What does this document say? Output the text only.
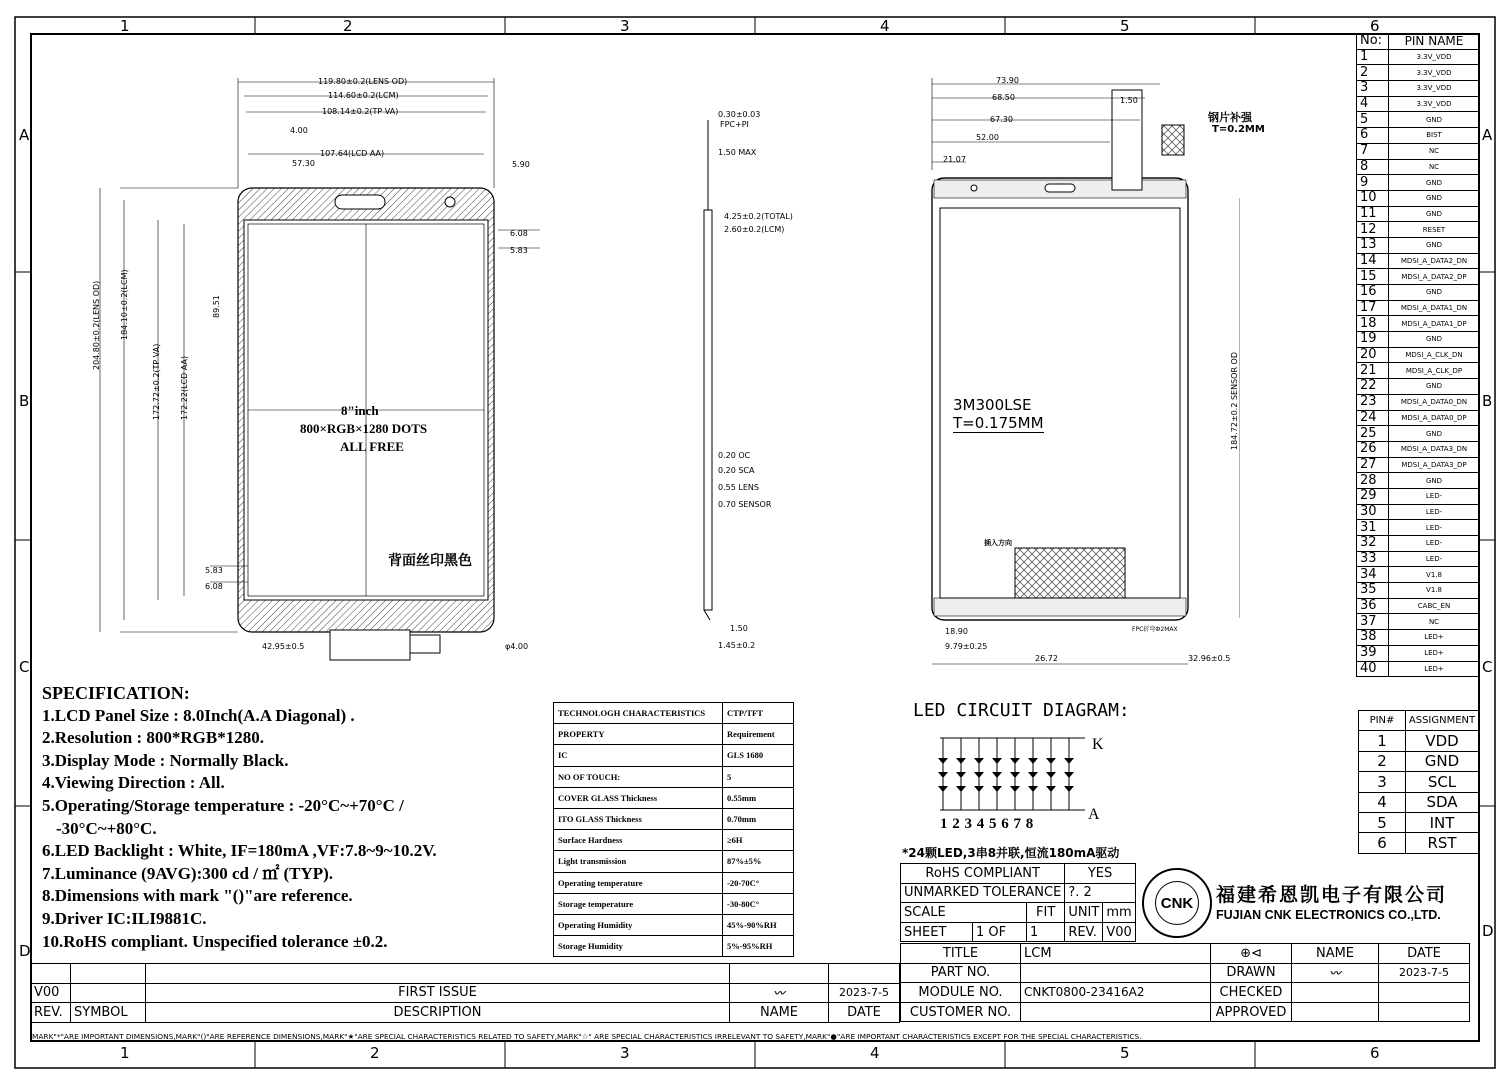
1	2	3	4	5	6
1	2	3	4	5	6
A
B
C
D
A
B
C
D
119.80±0.2(LENS OD)
114.60±0.2(LCM)
108.14±0.2(TP VA)
107.64(LCD AA)
57.30
4.00
5.90
6.08
5.83
5.83
6.08
42.95±0.5	φ4.00
204.80±0.2(LENS OD) 184.10±0.2(LCM)
172.72±0.2(TP VA) 172.22(LCD AA)
89.51
8"inch
800×RGB×1280 DOTS
ALL FREE
背面丝印黑色
0.30±0.03
FPC+PI
1.50 MAX
4.25±0.2(TOTAL)
2.60±0.2(LCM)
0.20 OC
0.20 SCA
0.55 LENS
0.70 SENSOR
1.50
1.45±0.2
73.90
68.50
67.30
52.00
21.07
1.50
钢片补强
T=0.2MM
3M300LSE
T=0.175MM
插入方向
FPC折弯Ф2MAX
18.90
9.79±0.25
26.72	32.96±0.5
184.72±0.2 SENSOR OD
SPECIFICATION:
1.LCD Panel Size : 8.0Inch(A.A Diagonal) .
2.Resolution : 800*RGB*1280.
3.Display Mode : Normally Black.
4.Viewing Direction : All.
5.Operating/Storage temperature : -20°C~+70°C /
-30°C~+80°C.
6.LED Backlight : White, IF=180mA ,VF:7.8~9~10.2V.
7.Luminance (9AVG):300 cd / ㎡ (TYP).
8.Dimensions with mark "()"are reference.
9.Driver IC:ILI9881C.
10.RoHS compliant. Unspecified tolerance ±0.2.
TECHNOLOGH CHARACTERISTICS	CTP/TFT
PROPERTY	Requirement
IC	GLS 1680
NO OF TOUCH:	5
COVER GLASS Thickness	0.55mm
ITO GLASS Thickness	0.70mm
Surface Hardness	≥6H
Light transmission	87%±5%
Operating temperature	-20-70C°
Storage temperature	-30-80C°
Operating Humidity	45%-90%RH
Storage Humidity	5%-95%RH
LED CIRCUIT DIAGRAM:
K
A
1 2 3 4 5 6 7 8
*24颗LED,3串8并联,恒流180mA驱动
No:	PIN NAME
1	3.3V_VDD
2	3.3V_VDD
3	3.3V_VDD
4	3.3V_VDD
5	GND
6	BIST
7	NC
8	NC
9	GND
10	GND
11	GND
12	RESET
13	GND
14	MDSI_A_DATA2_DN
15	MDSI_A_DATA2_DP
16	GND
17	MDSI_A_DATA1_DN
18	MDSI_A_DATA1_DP
19	GND
20	MDSI_A_CLK_DN
21	MDSI_A_CLK_DP
22	GND
23	MDSI_A_DATA0_DN
24	MDSI_A_DATA0_DP
25	GND
26	MDSI_A_DATA3_DN
27	MDSI_A_DATA3_DP
28	GND
29	LED-
30	LED-
31	LED-
32	LED-
33	LED-
34	V1.8
35	V1.8
36	CABC_EN
37	NC
38	LED+
39	LED+
40	LED+
PIN#	ASSIGNMENT
1	VDD
2	GND
3	SCL
4	SDA
5	INT
6	RST
RoHS COMPLIANT			YES	
UNMARKED TOLERANCE			?. 2	
SCALE		FIT	UNIT	mm
SHEET	1 OF	1	REV.	V00
CNK	福建希恩凯电子有限公司
FUJIAN CNK ELECTRONICS CO.,LTD.
TITLE	LCM	⊕⊲	NAME	DATE
PART NO.		DRAWN	〰	2023-7-5
MODULE NO.	CNKT0800-23416A2	CHECKED		
CUSTOMER NO.		APPROVED		

V00		FIRST ISSUE	〰	2023-7-5
REV.	SYMBOL	DESCRIPTION	NAME	DATE
MARK"*"ARE IMPORTANT DIMENSIONS,MARK"()"ARE REFERENCE DIMENSIONS,MARK"★"ARE SPECIAL CHARACTERISTICS RELATED TO SAFETY,MARK"☆" ARE SPECIAL CHARACTERISTICS IRRELEVANT TO SAFETY,MARK"●"ARE IMPORTANT CHARACTERISTICS EXCEPT FOR THE SPECIAL CHARACTERISTICS.
